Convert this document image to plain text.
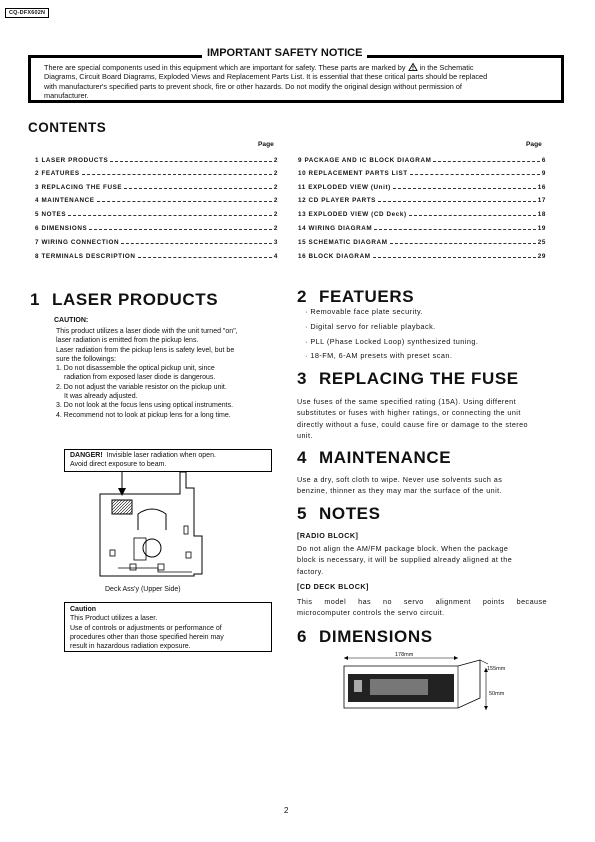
CQ-DFX602N
IMPORTANT SAFETY NOTICE
There are special components used in this equipment which are important for safety. These parts are marked by in the Schematic
Diagrams, Circuit Board Diagrams, Exploded Views and Replacement Parts List. It is essential that these critical parts should be replaced
with manufacturer's specified parts to prevent shock, fire or other hazards. Do not modify the original design without permission of
manufacturer.
CONTENTS
Page	Page
1 LASER PRODUCTS	2
2 FEATURES	2
3 REPLACING THE FUSE	2
4 MAINTENANCE	2
5 NOTES	2
6 DIMENSIONS	2
7 WIRING CONNECTION	3
8 TERMINALS DESCRIPTION	4
9 PACKAGE AND IC BLOCK DIAGRAM	6
10 REPLACEMENT PARTS LIST	9
11 EXPLODED VIEW (Unit)	16
12 CD PLAYER PARTS	17
13 EXPLODED VIEW (CD Deck)	18
14 WIRING DIAGRAM	19
15 SCHEMATIC DIAGRAM	25
16 BLOCK DIAGRAM	29
1 LASER PRODUCTS
CAUTION:
This product utilizes a laser diode with the unit turned "on",
laser radiation is emitted from the pickup lens.
Laser radiation from the pickup lens is safety level, but be
sure the followings:
1. Do not disassemble the optical pickup unit, since
radiation from exposed laser diode is dangerous.
2. Do not adjust the variable resistor on the pickup unit.
It was already adjusted.
3. Do not look at the focus lens using optical instruments.
4. Recommend not to look at pickup lens for a long time.
DANGER! Invisible laser radiation when open.
Avoid direct exposure to beam.
Deck Ass'y (Upper Side)
Caution
This Product utilizes a laser.
Use of controls or adjustments or performance of
procedures other than those specified herein may
result in hazardous radiation exposure.
2 FEATUERS
· Removable face plate security.
· Digital servo for reliable playback.
· PLL (Phase Locked Loop) synthesized tuning.
· 18-FM, 6-AM presets with preset scan.
3 REPLACING THE FUSE
Use fuses of the same specified rating (15A). Using different
substitutes or fuses with higher ratings, or connecting the unit
directly without a fuse, could cause fire or damage to the stereo
unit.
4 MAINTENANCE
Use a dry, soft cloth to wipe. Never use solvents such as
benzine, thinner as they may mar the surface of the unit.
5 NOTES
[RADIO BLOCK]
Do not align the AM/FM package block. When the package
block is necessary, it will be supplied already aligned at the
factory.
[CD DECK BLOCK]
This model has no servo alignment points because
microcomputer controls the servo circuit.
6 DIMENSIONS
178mm
155mm
50mm
2
